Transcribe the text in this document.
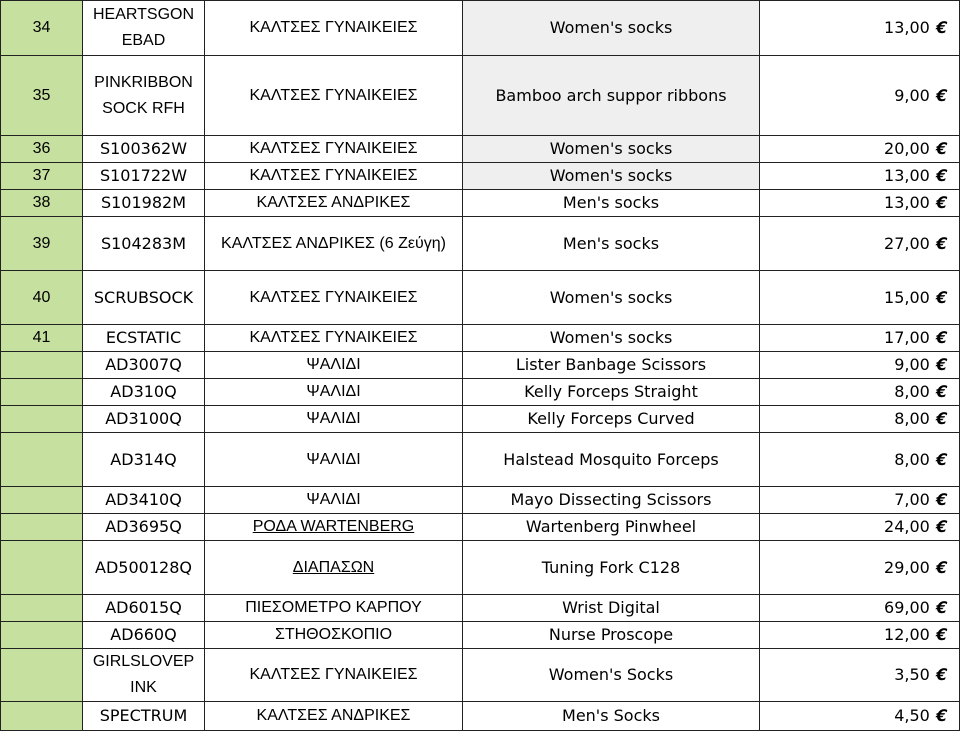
34	HEARTSGON EBAD	ΚΑΛΤΣΕΣ ΓΥΝΑΙΚΕΙΕΣ	Women's socks	13,00 €
35	PINKRIBBON SOCK RFH	ΚΑΛΤΣΕΣ ΓΥΝΑΙΚΕΙΕΣ	Bamboo arch suppor ribbons	9,00 €
36	S100362W	ΚΑΛΤΣΕΣ ΓΥΝΑΙΚΕΙΕΣ	Women's socks	20,00 €
37	S101722W	ΚΑΛΤΣΕΣ ΓΥΝΑΙΚΕΙΕΣ	Women's socks	13,00 €
38	S101982M	ΚΑΛΤΣΕΣ ΑΝΔΡΙΚΕΣ	Men's socks	13,00 €
39	S104283M	ΚΑΛΤΣΕΣ ΑΝΔΡΙΚΕΣ (6 Ζεύγη)	Men's socks	27,00 €
40	SCRUBSOCK	ΚΑΛΤΣΕΣ ΓΥΝΑΙΚΕΙΕΣ	Women's socks	15,00 €
41	ECSTATIC	ΚΑΛΤΣΕΣ ΓΥΝΑΙΚΕΙΕΣ	Women's socks	17,00 €
	AD3007Q	ΨΑΛΙΔΙ	Lister Banbage Scissors	9,00 €
	AD310Q	ΨΑΛΙΔΙ	Kelly Forceps Straight	8,00 €
	AD3100Q	ΨΑΛΙΔΙ	Kelly Forceps Curved	8,00 €
	AD314Q	ΨΑΛΙΔΙ	Halstead Mosquito Forceps	8,00 €
	AD3410Q	ΨΑΛΙΔΙ	Mayo Dissecting Scissors	7,00 €
	AD3695Q	ΡΟΔΑ WARTENBERG	Wartenberg Pinwheel	24,00 €
	AD500128Q	ΔΙΑΠΑΣΩΝ	Tuning Fork C128	29,00 €
	AD6015Q	ΠΙΕΣΟΜΕΤΡΟ ΚΑΡΠΟΥ	Wrist Digital	69,00 €
	AD660Q	ΣΤΗΘΟΣΚΟΠΙΟ	Nurse Proscope	12,00 €
	GIRLSLOVEP INK	ΚΑΛΤΣΕΣ ΓΥΝΑΙΚΕΙΕΣ	Women's Socks	3,50 €
	SPECTRUM	ΚΑΛΤΣΕΣ ΑΝΔΡΙΚΕΣ	Men's Socks	4,50 €
